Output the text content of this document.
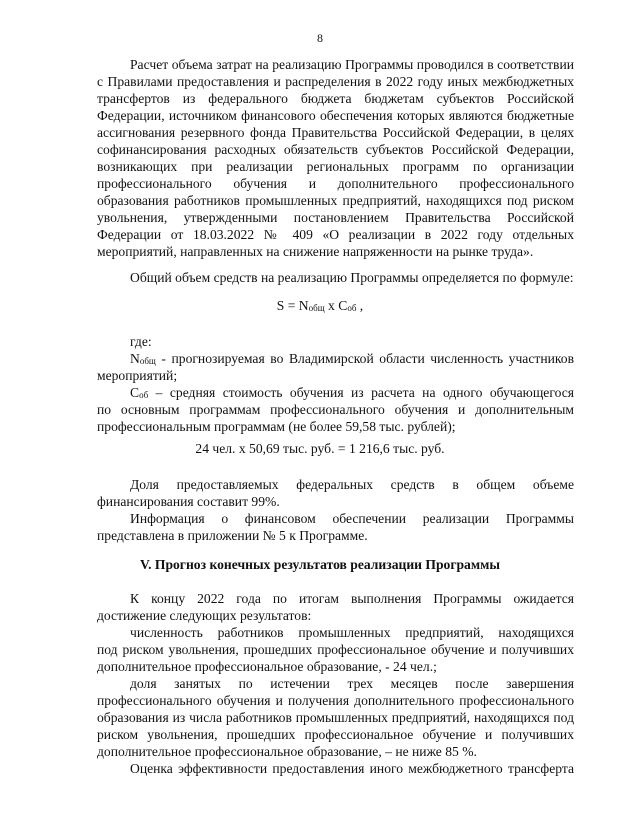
8

Расчет объема затрат на реализацию Программы проводился в соответствии

с Правилами предоставления и распределения в 2022 году иных межбюджетных

трансфертов из федерального бюджета бюджетам субъектов Российской

Федерации, источником финансового обеспечения которых являются бюджетные

ассигнования резервного фонда Правительства Российской Федерации, в целях

софинансирования расходных обязательств субъектов Российской Федерации,

возникающих при реализации региональных программ по организации

профессионального обучения и дополнительного профессионального

образования работников промышленных предприятий, находящихся под риском

увольнения, утвержденными постановлением Правительства Российской

Федерации от 18.03.2022 № 409 «О реализации в 2022 году отдельных

мероприятий, направленных на снижение напряженности на рынке труда».

Общий объем средств на реализацию Программы определяется по формуле:

S = Nобщ х Cоб ,

где:

Nобщ - прогнозируемая во Владимирской области численность участников

мероприятий;

Cоб – средняя стоимость обучения из расчета на одного обучающегося

по основным программам профессионального обучения и дополнительным

профессиональным программам (не более 59,58 тыс. рублей);

24 чел. х 50,69 тыс. руб. = 1 216,6 тыс. руб.

Доля предоставляемых федеральных средств в общем объеме

финансирования составит 99%.

Информация о финансовом обеспечении реализации Программы

представлена в приложении № 5 к Программе.

V. Прогноз конечных результатов реализации Программы

К концу 2022 года по итогам выполнения Программы ожидается

достижение следующих результатов:

численность работников промышленных предприятий, находящихся

под риском увольнения, прошедших профессиональное обучение и получивших

дополнительное профессиональное образование, - 24 чел.;

доля занятых по истечении трех месяцев после завершения

профессионального обучения и получения дополнительного профессионального

образования из числа работников промышленных предприятий, находящихся под

риском увольнения, прошедших профессиональное обучение и получивших

дополнительное профессиональное образование, – не ниже 85 %.

Оценка эффективности предоставления иного межбюджетного трансферта
